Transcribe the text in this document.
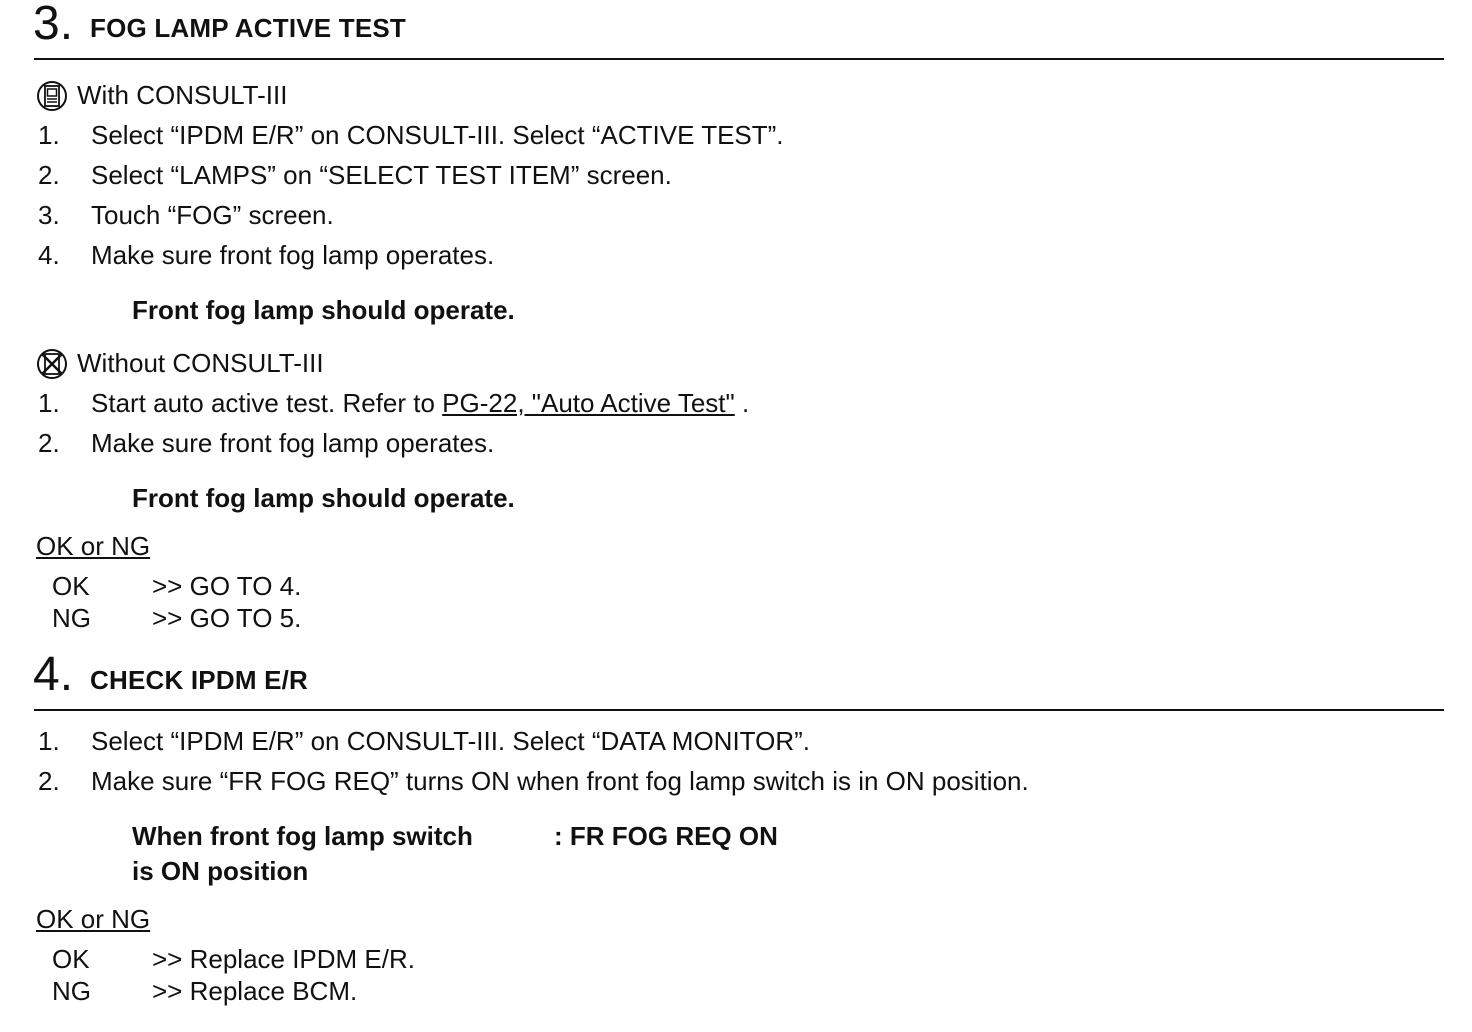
3. FOG LAMP ACTIVE TEST
With CONSULT-III
1. Select “IPDM E/R” on CONSULT-III. Select “ACTIVE TEST”.
2. Select “LAMPS” on “SELECT TEST ITEM” screen.
3. Touch “FOG” screen.
4. Make sure front fog lamp operates.
Front fog lamp should operate.
Without CONSULT-III
1. Start auto active test. Refer to PG-22, "Auto Active Test" .
2. Make sure front fog lamp operates.
Front fog lamp should operate.
OK or NG
OK >> GO TO 4.
NG >> GO TO 5.
4. CHECK IPDM E/R
1. Select “IPDM E/R” on CONSULT-III. Select “DATA MONITOR”.
2. Make sure “FR FOG REQ” turns ON when front fog lamp switch is in ON position.
When front fog lamp switch
is ON position
: FR FOG REQ ON
OK or NG
OK >> Replace IPDM E/R.
NG >> Replace BCM.
